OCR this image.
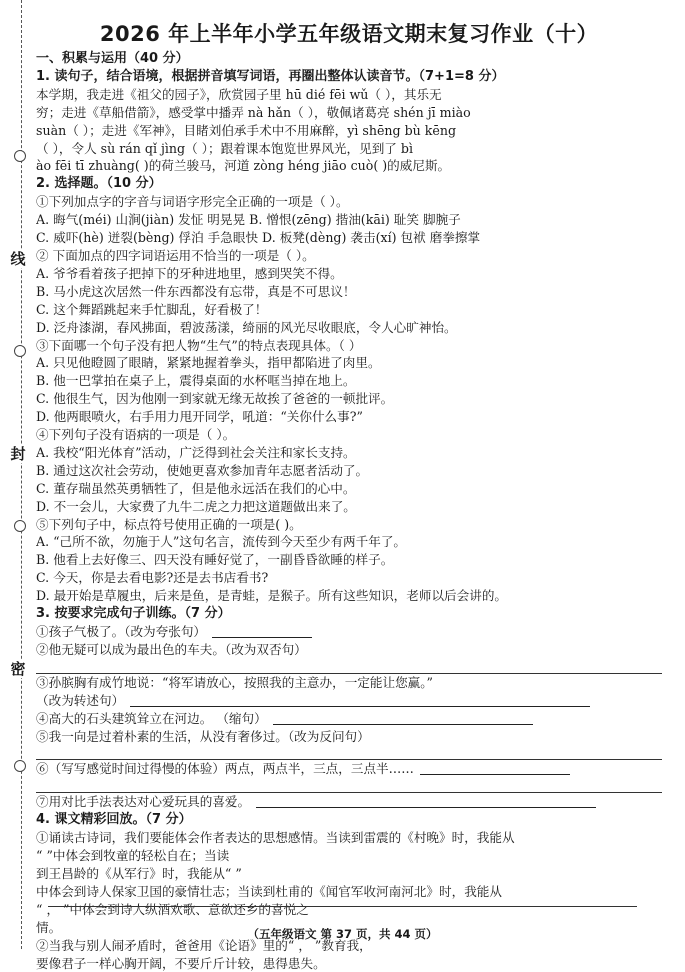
线
封
密
2026 年上半年小学五年级语文期末复习作业（十）
一、积累与运用（40 分）
1. 读句子，结合语境，根据拼音填写词语，再圈出整体认读音节。（7+1=8 分）
本学期，我走进《祖父的园子》，欣赏园子里 hū dié fēi wǔ（ ），其乐无
穷；走进《草船借箭》，感受掌中播弄 nà hǎn（ ），敬佩诸葛亮 shén jī miào
suàn（ ）；走进《军神》，目睹刘伯承手术中不用麻醉，yì shēng bù kēng
（ ），令人 sù rán qǐ jìng（ ）；跟着课本饱览世界风光，见到了 bì
ào fēi tī zhuàng( )的荷兰骏马，河道 zòng héng jiāo cuò( )的威尼斯。
2. 选择题。（10 分）
①下列加点字的字音与词语字形完全正确的一项是（ ）。
A. 晦气(méi) 山涧(jiàn) 发怔 明晃晃 B. 憎恨(zēng) 揩油(kāi) 耻笑 脚腕子
C. 威吓(hè) 迸裂(bèng) 俘泊 手急眼快 D. 板凳(dèng) 袭击(xí) 包袱 磨拳擦掌
② 下面加点的四字词语运用不恰当的一项是（ ）。
A. 爷爷看着孩子把掉下的牙种进地里，感到哭笑不得。
B. 马小虎这次居然一件东西都没有忘带，真是不可思议！
C. 这个舞蹈跳起来手忙脚乱，好看极了！
D. 泛舟漆湖，春风拂面，碧波荡漾，绮丽的风光尽收眼底，令人心旷神怡。
③下面哪一个句子没有把人物“生气”的特点表现具体。（ ）
A. 只见他瞪圆了眼睛，紧紧地握着拳头，指甲都陷进了肉里。
B. 他一巴掌拍在桌子上，震得桌面的水杯哐当掉在地上。
C. 他很生气，因为他刚一到家就无缘无故挨了爸爸的一顿批评。
D. 他两眼喷火，右手用力甩开同学，吼道：“关你什么事?”
④下列句子没有语病的一项是（ ）。
A. 我校“阳光体育”活动，广泛得到社会关注和家长支持。
B. 通过这次社会劳动，使她更喜欢参加青年志愿者活动了。
C. 董存瑞虽然英勇牺牲了，但是他永远活在我们的心中。
D. 不一会儿，大家费了九牛二虎之力把这道题做出来了。
⑤下列句子中，标点符号使用正确的一项是( )。
A. “己所不欲，勿施于人”这句名言，流传到今天至少有两千年了。
B. 他看上去好像三、四天没有睡好觉了，一副昏昏欲睡的样子。
C. 今天，你是去看电影?还是去书店看书?
D. 最开始是草履虫，后来是鱼，是青蛙，是猴子。所有这些知识，老师以后会讲的。
3. 按要求完成句子训练。（7 分）
①孩子气极了。（改为夸张句）
②他无疑可以成为最出色的车夫。（改为双否句）
③孙膑胸有成竹地说：“将军请放心，按照我的主意办，一定能让您赢。”
（改为转述句）
④高大的石头建筑耸立在河边。 （缩句）
⑤我一向是过着朴素的生活，从没有奢侈过。（改为反问句）
⑥（写写感觉时间过得慢的体验）两点，两点半，三点，三点半……
⑦用对比手法表达对心爱玩具的喜爱。
4. 课文精彩回放。（7 分）
①诵读古诗词，我们要能体会作者表达的思想感情。当读到雷震的《村晚》时，我能从
“ ”中体会到牧童的轻松自在；当读
到王昌龄的《从军行》时，我能从“ ”
中体会到诗人保家卫国的豪情壮志；当读到杜甫的《闻官军收河南河北》时，我能从
“ ， ”中体会到诗人纵酒欢歌、意欲还乡的喜悦之
情。
②当我与别人闹矛盾时，爸爸用《论语》里的“ ， ”教育我，
要像君子一样心胸开阔，不要斤斤计较，患得患失。
（五年级语文 第 37 页，共 44 页）
